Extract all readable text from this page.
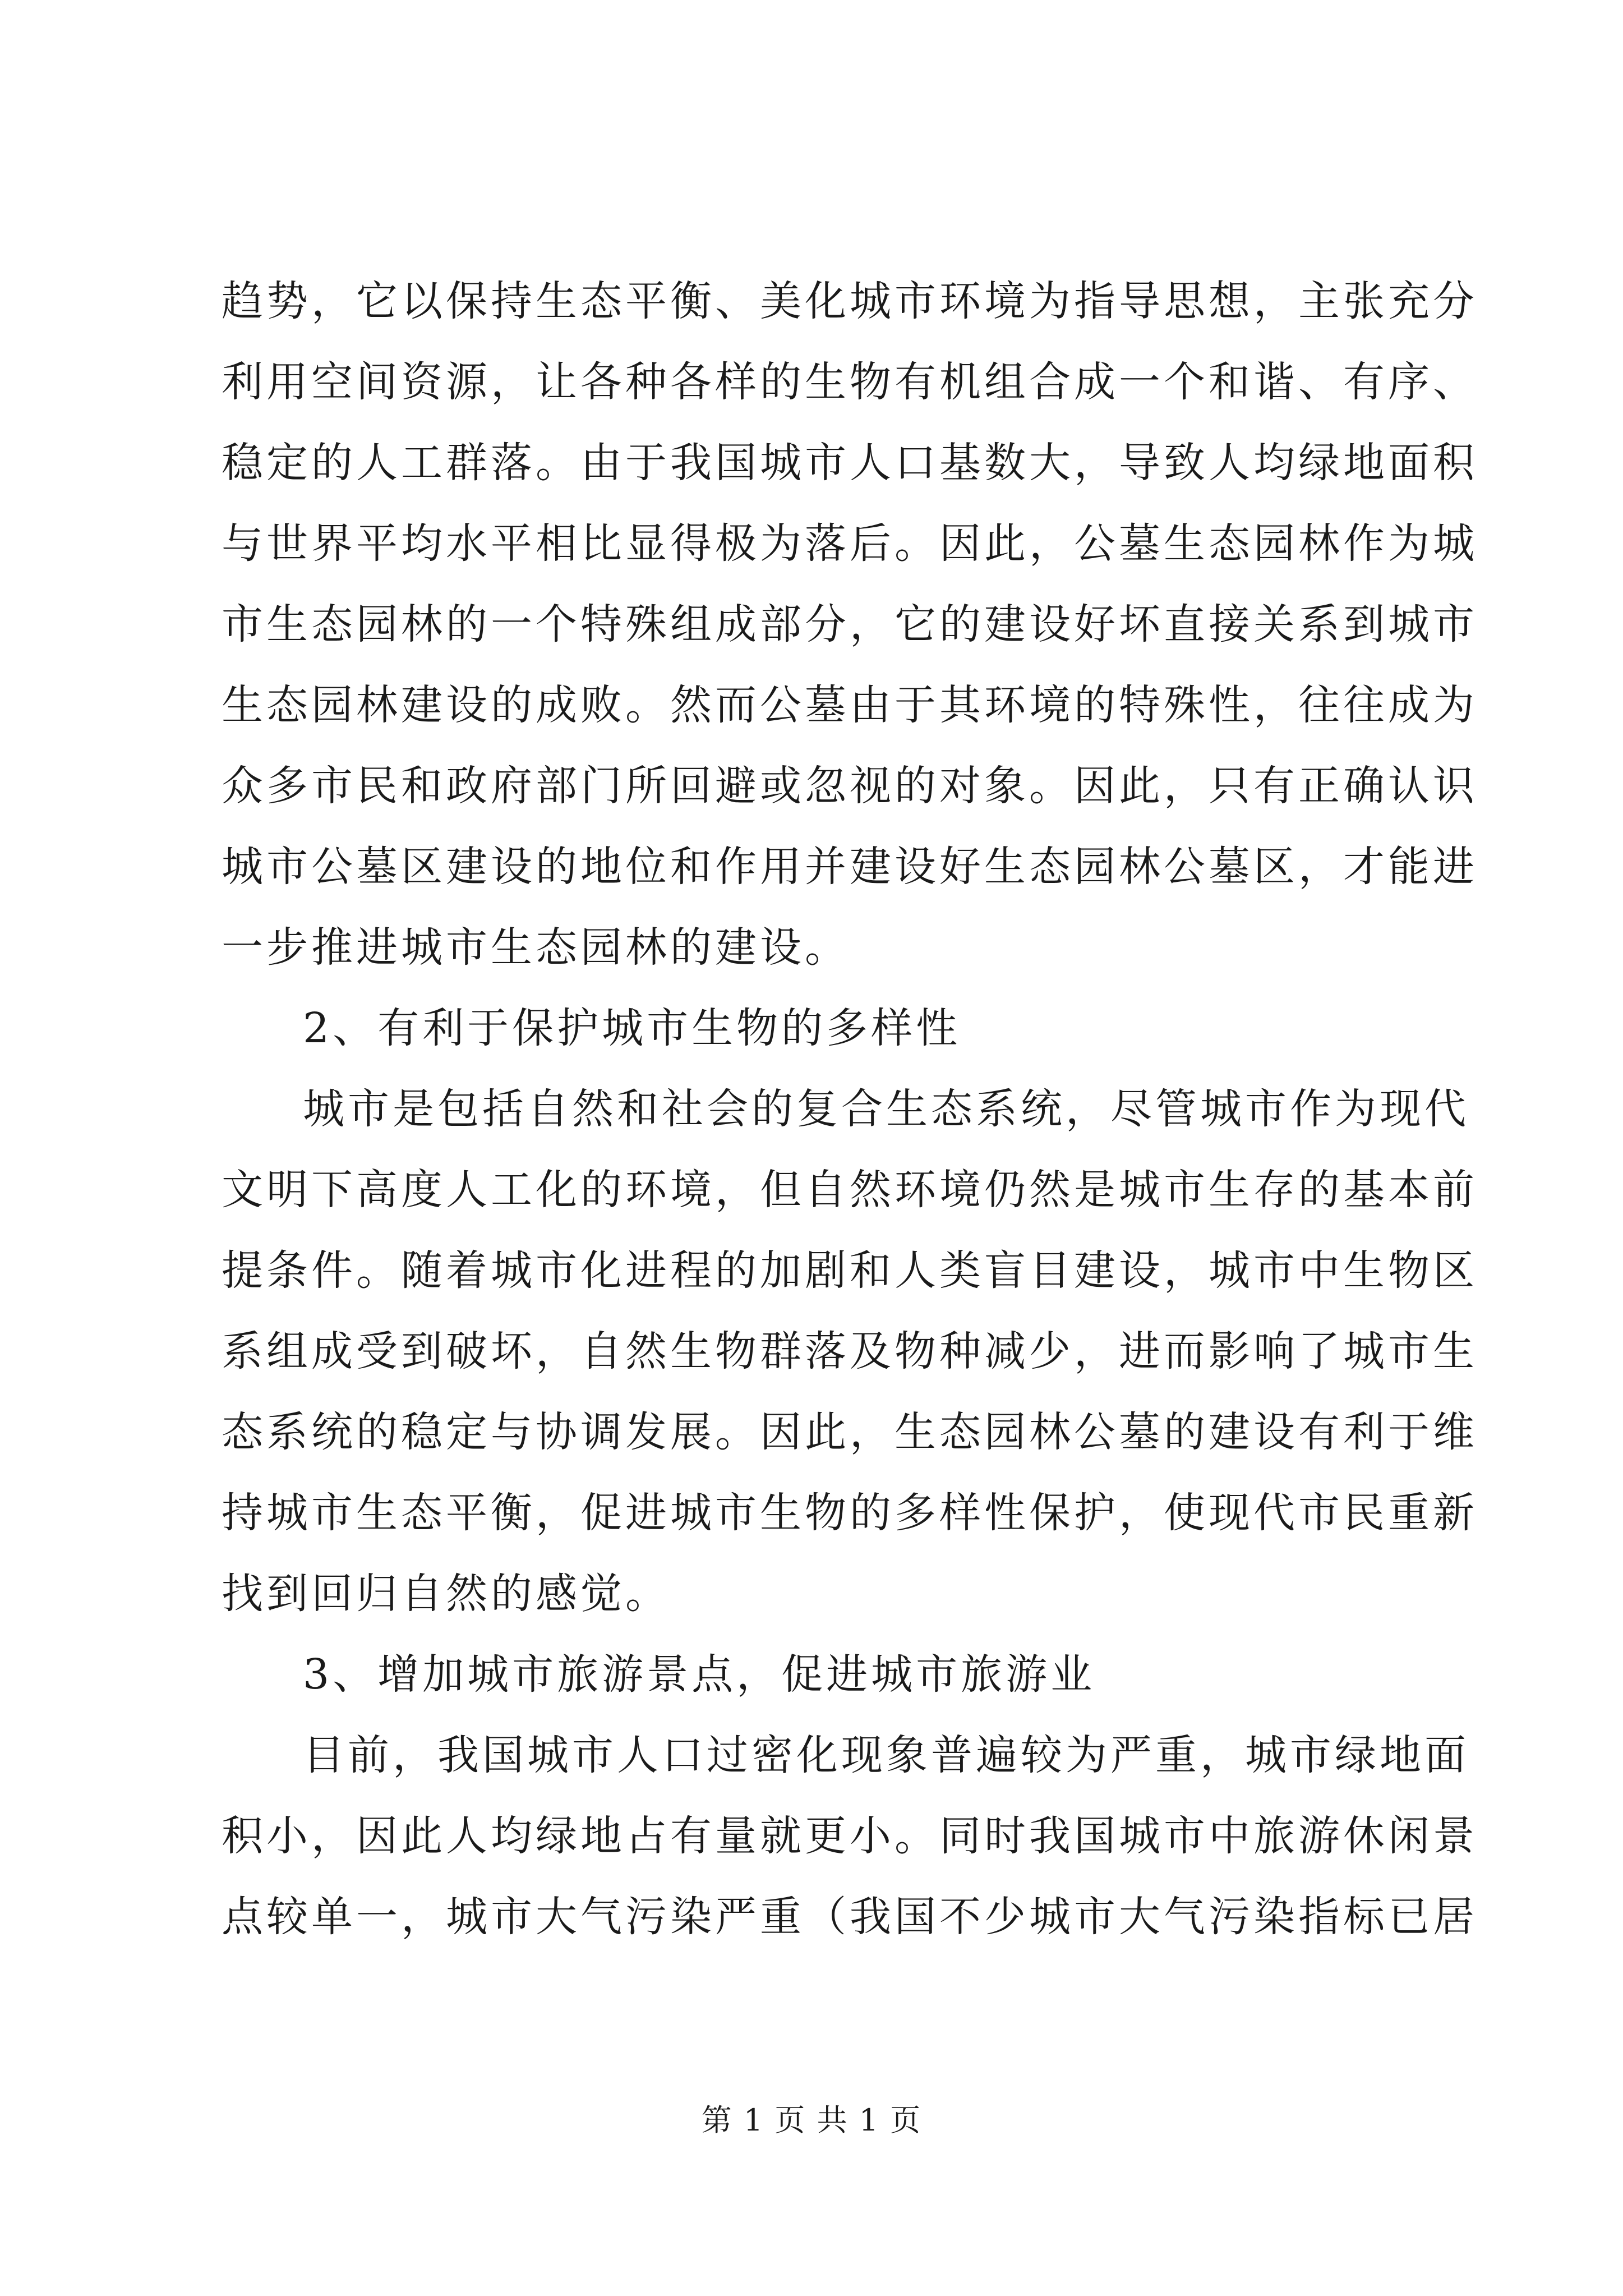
趋势，它以保持生态平衡、美化城市环境为指导思想，主张充分
利用空间资源，让各种各样的生物有机组合成一个和谐、有序、
稳定的人工群落。由于我国城市人口基数大，导致人均绿地面积
与世界平均水平相比显得极为落后。因此，公墓生态园林作为城
市生态园林的一个特殊组成部分，它的建设好坏直接关系到城市
生态园林建设的成败。然而公墓由于其环境的特殊性，往往成为
众多市民和政府部门所回避或忽视的对象。因此，只有正确认识
城市公墓区建设的地位和作用并建设好生态园林公墓区，才能进
一步推进城市生态园林的建设。
2、有利于保护城市生物的多样性
城市是包括自然和社会的复合生态系统，尽管城市作为现代
文明下高度人工化的环境，但自然环境仍然是城市生存的基本前
提条件。随着城市化进程的加剧和人类盲目建设，城市中生物区
系组成受到破坏，自然生物群落及物种减少，进而影响了城市生
态系统的稳定与协调发展。因此，生态园林公墓的建设有利于维
持城市生态平衡，促进城市生物的多样性保护，使现代市民重新
找到回归自然的感觉。
3、增加城市旅游景点，促进城市旅游业
目前，我国城市人口过密化现象普遍较为严重，城市绿地面
积小，因此人均绿地占有量就更小。同时我国城市中旅游休闲景
点较单一，城市大气污染严重（我国不少城市大气污染指标已居
第 1 页 共 1 页
